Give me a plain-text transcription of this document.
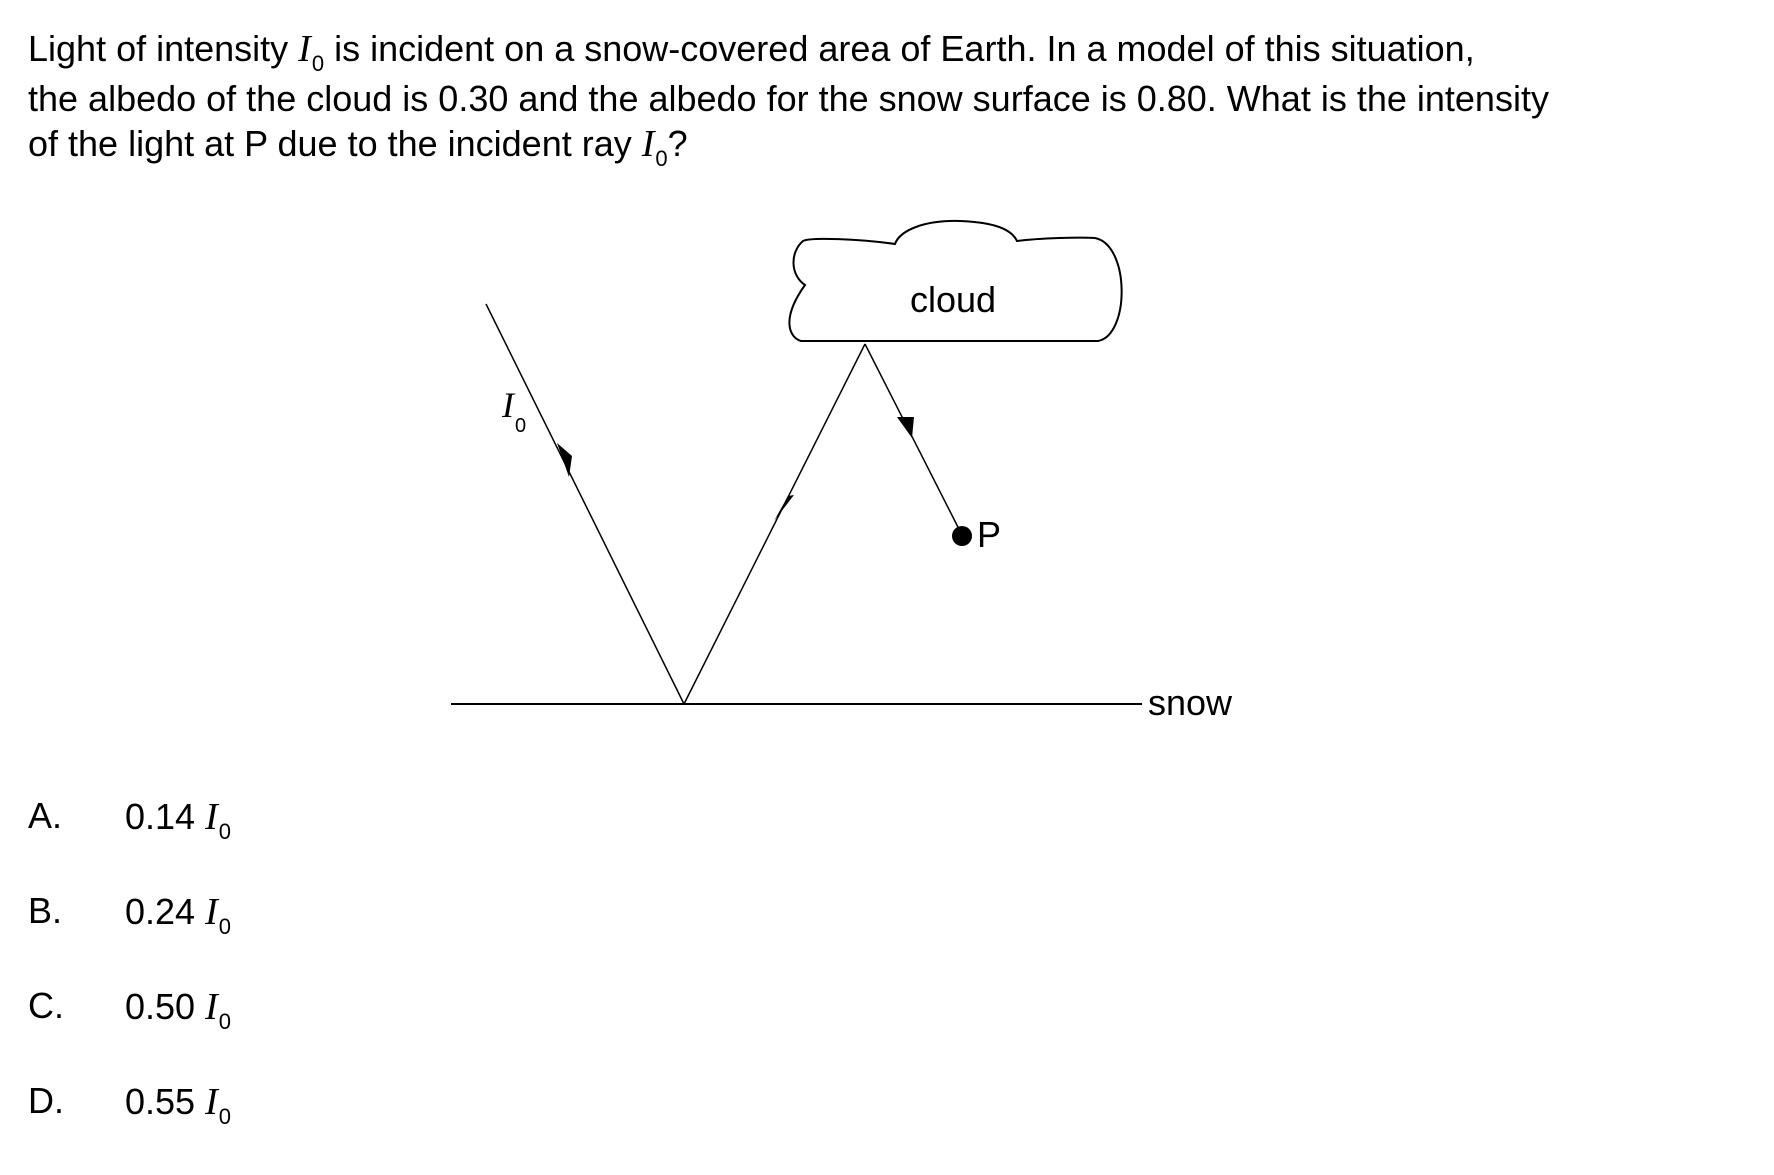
Light of intensity $I_0$ is incident on a snow-covered area of Earth. In a model of this situation,
the albedo of the cloud is 0.30 and the albedo for the snow surface is 0.80. What is the intensity
of the light at P due to the incident ray $I_0$?

P
cloud
snow
I
0
A.	0.14 $I_0$
B.	0.24 $I_0$
C.	0.50 $I_0$
D.	0.55 $I_0$
